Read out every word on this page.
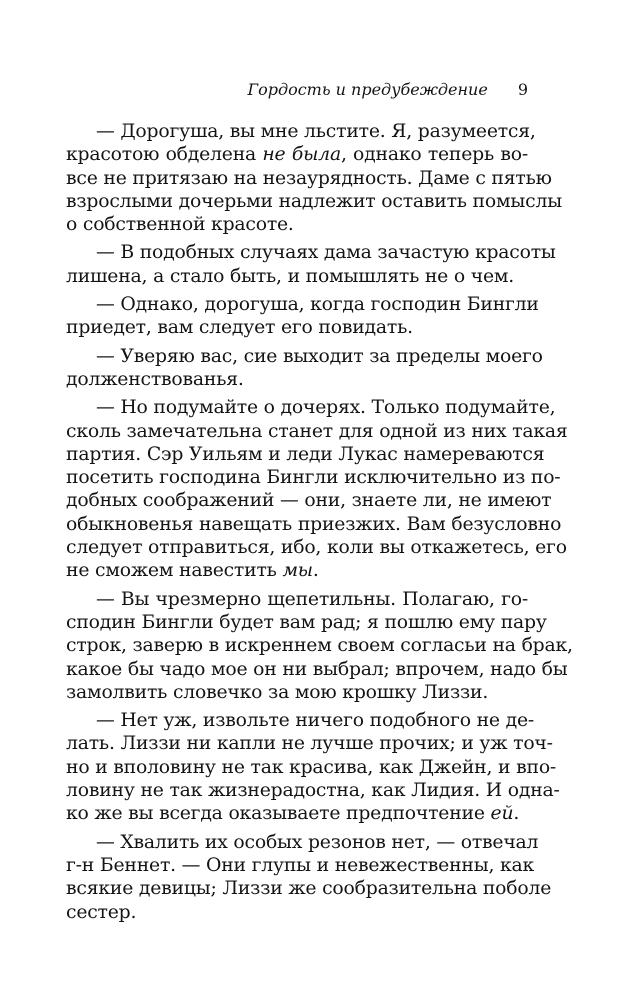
Гордость и предубеждение 9
— Дорогуша, вы мне льстите. Я, разумеется,
красотою обделена не была, однако теперь во-
все не притязаю на незаурядность. Даме с пятью
взрослыми дочерьми надлежит оставить помыслы
о собственной красоте.
— В подобных случаях дама зачастую красоты
лишена, а стало быть, и помышлять не о чем.
— Однако, дорогуша, когда господин Бингли
приедет, вам следует его повидать.
— Уверяю вас, сие выходит за пределы моего
долженствованья.
— Но подумайте о дочерях. Только подумайте,
сколь замечательна станет для одной из них такая
партия. Сэр Уильям и леди Лукас намереваются
посетить господина Бингли исключительно из по-
добных соображений — они, знаете ли, не имеют
обыкновенья навещать приезжих. Вам безусловно
следует отправиться, ибо, коли вы откажетесь, его
не сможем навестить мы.
— Вы чрезмерно щепетильны. Полагаю, го-
сподин Бингли будет вам рад; я пошлю ему пару
строк, заверю в искреннем своем согласьи на брак,
какое бы чадо мое он ни выбрал; впрочем, надо бы
замолвить словечко за мою крошку Лиззи.
— Нет уж, извольте ничего подобного не де-
лать. Лиззи ни капли не лучше прочих; и уж точ-
но и вполовину не так красива, как Джейн, и впо-
ловину не так жизнерадостна, как Лидия. И одна-
ко же вы всегда оказываете предпочтение ей.
— Хвалить их особых резонов нет, — отвечал
г-н Беннет. — Они глупы и невежественны, как
всякие девицы; Лиззи же сообразительна поболе
сестер.
